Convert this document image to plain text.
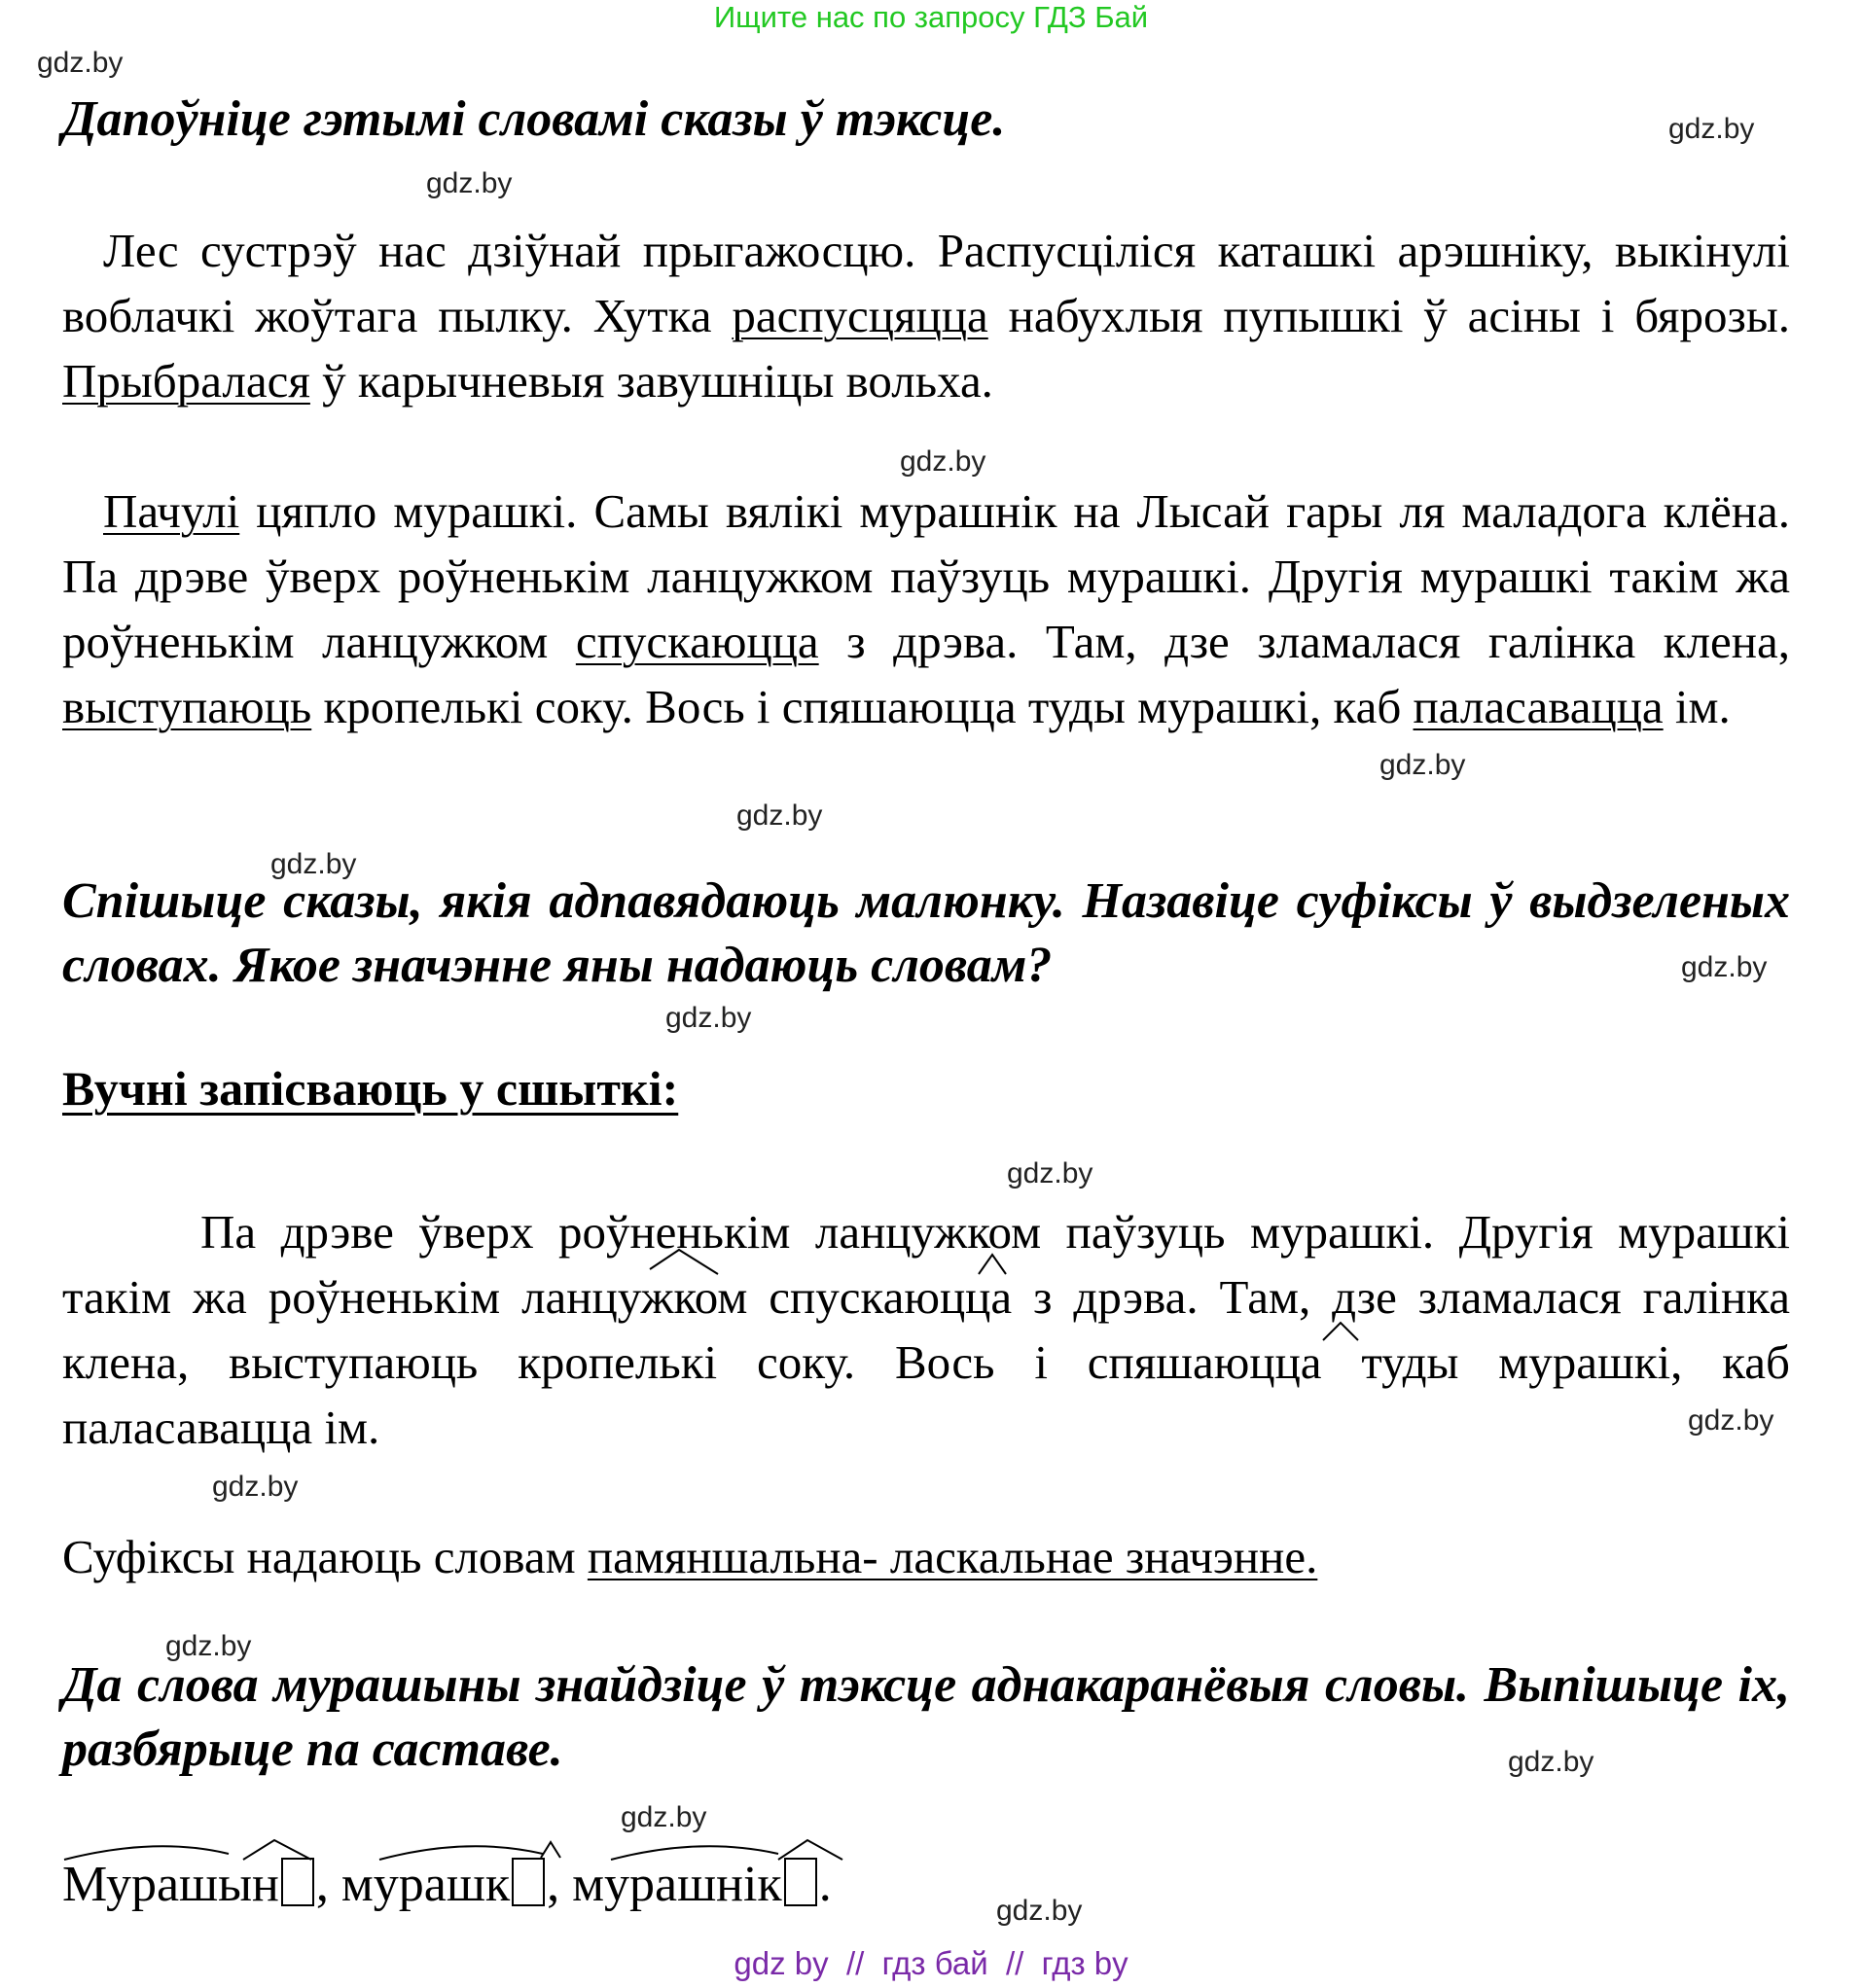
Ищите нас по запросу ГДЗ Бай
gdz.by
gdz.by
gdz.by
gdz.by
gdz.by
gdz.by
gdz.by
gdz.by
gdz.by
gdz.by
gdz.by
gdz.by
gdz.by
gdz.by
gdz.by
gdz.by

Дапоўніце гэтымі словамі сказы ў тэксце.

Лес сустрэў нас дзіўнай прыгажосцю. Распусціліся каташкі арэшніку, выкінулі воблачкі жоўтага пылку. Хутка распусцяцца набухлыя пупышкі ў асіны і бярозы. Прыбралася ў карычневыя завушніцы вольха.

Пачулі цяпло мурашкі. Самы вялікі мурашнік на Лысай гары ля маладога клёна. Па дрэве ўверх роўненькім ланцужком паўзуць мурашкі. Другія мурашкі такім жа роўненькім ланцужком спускаюцца з дрэва. Там, дзе зламалася галінка клена, выступаюць кропелькі соку. Вось і спяшаюцца туды мурашкі, каб паласавацца ім.

Спішыце сказы, якія адпавядаюць малюнку. Назавіце суфіксы ў выдзеленых словах. Якое значэнне яны надаюць словам?

Вучні запісваюць у сшыткі:

Па дрэве ўверх роўненькім ланцужком паўзуць мурашкі. Другія мурашкі такім жа роўненькім ланцужком спускаюцца з дрэва. Там, дзе зламалася галінка клена, выступаюць кропелькі соку. Вось і спяшаюцца туды мурашкі, каб паласавацца ім.

Суфіксы надаюць словам памяншальна- ласкальнае значэнне.

Да слова мурашыны знайдзіце ў тэксце аднакаранёвыя словы. Выпішыце іх, разбярыце па саставе.

Мурашын , мурашк , мурашнік .
gdz by  //  гдз бай  //  гдз by
